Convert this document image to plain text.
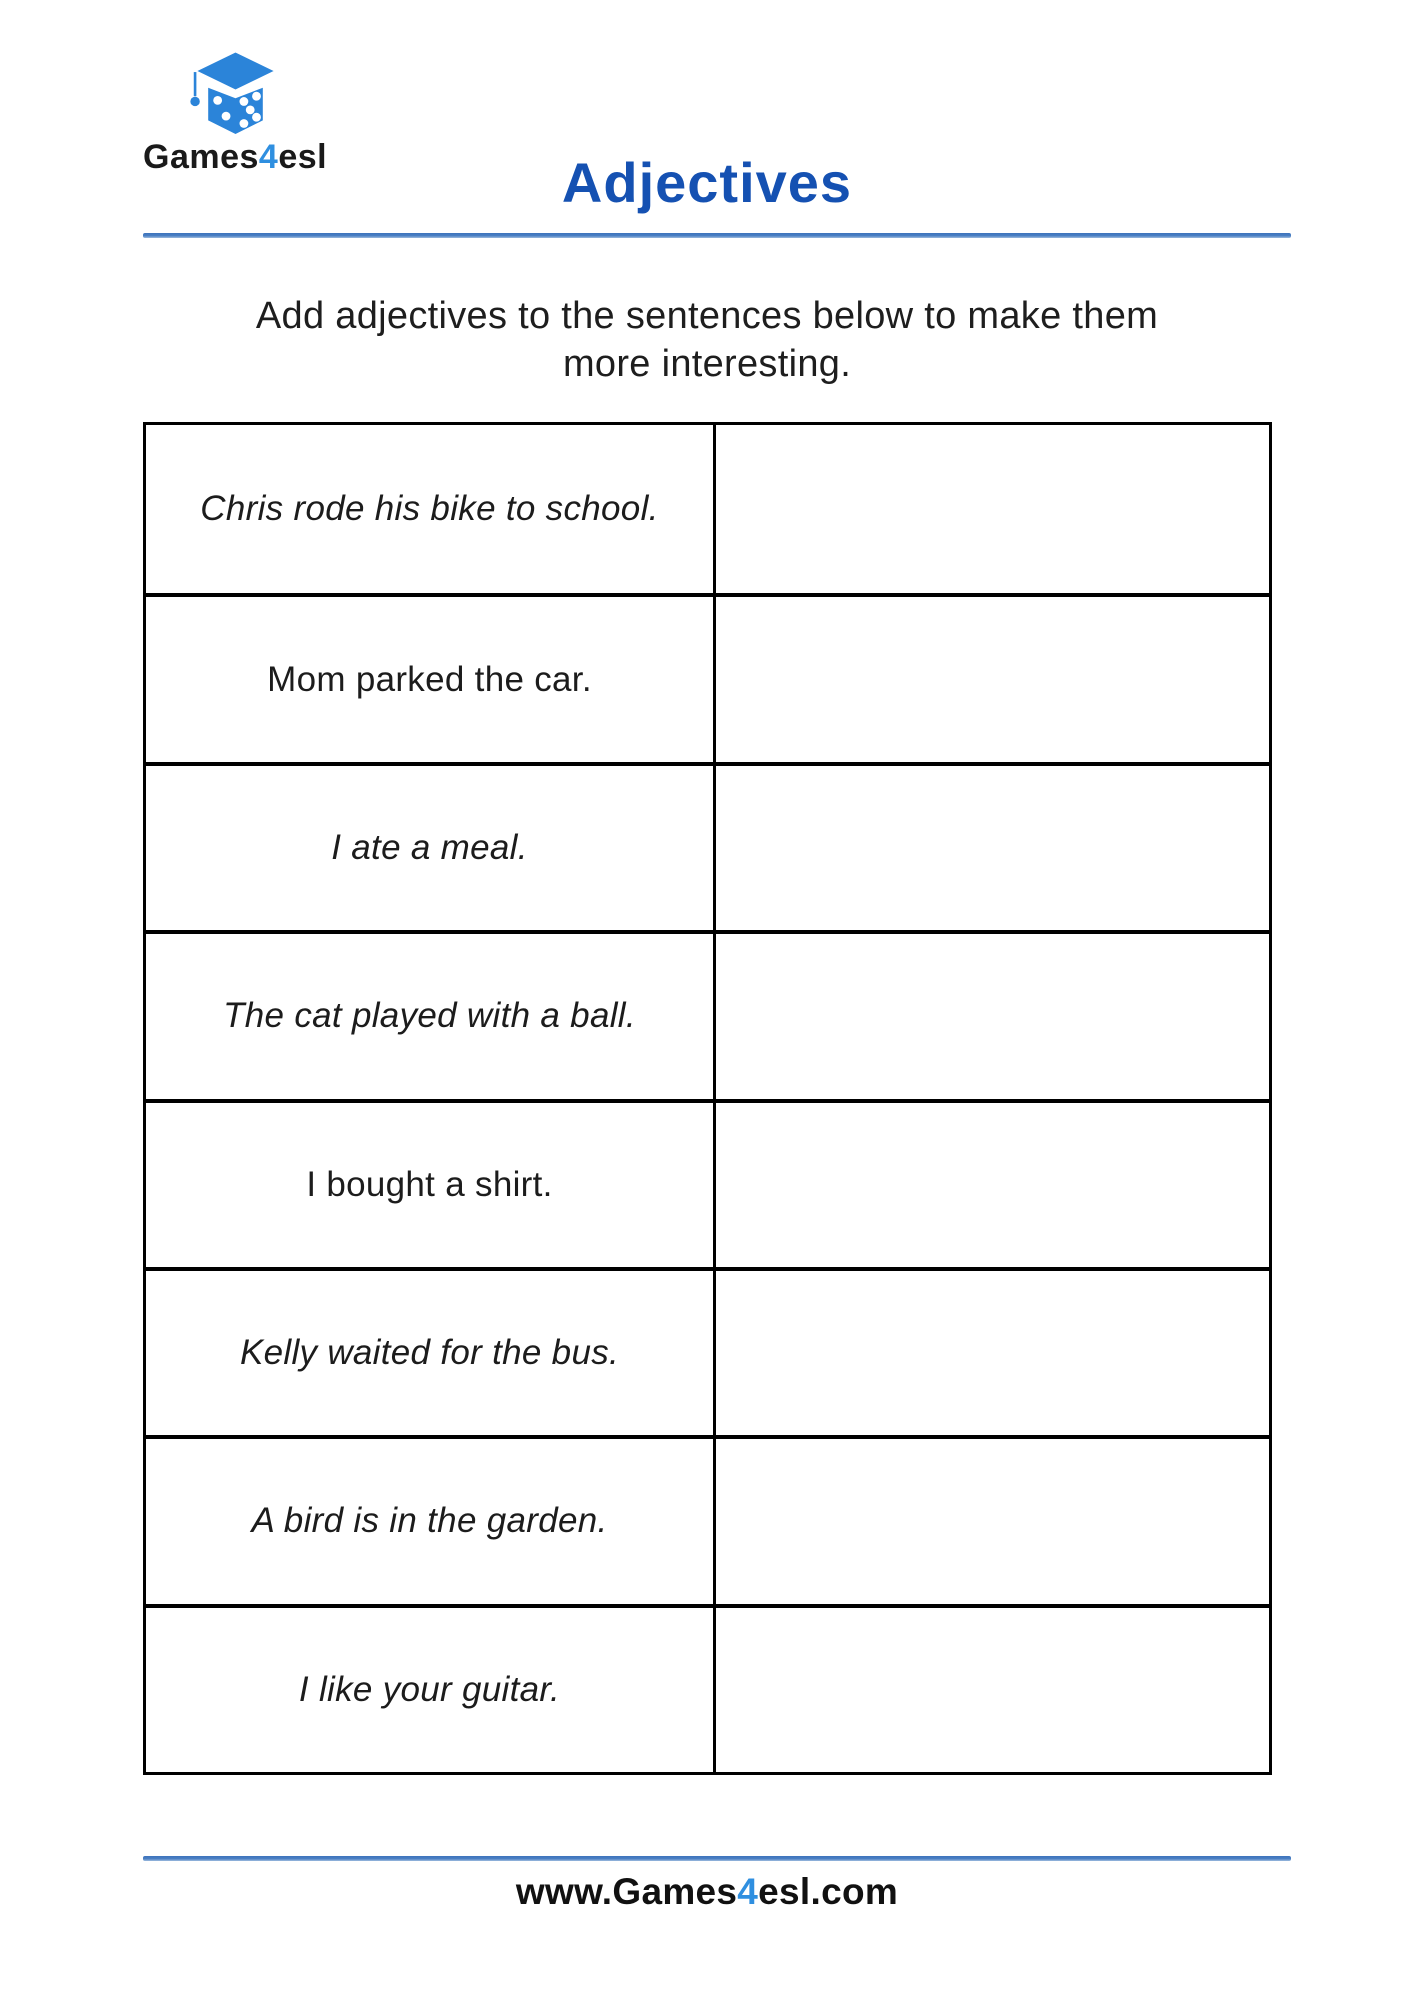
Games4esl	Adjectives
Add adjectives to the sentences below to make them
more interesting.
Chris rode his bike to school.
Mom parked the car.
I ate a meal.
The cat played with a ball.
I bought a shirt.
Kelly waited for the bus.
A bird is in the garden.
I like your guitar.
www.Games4esl.com
